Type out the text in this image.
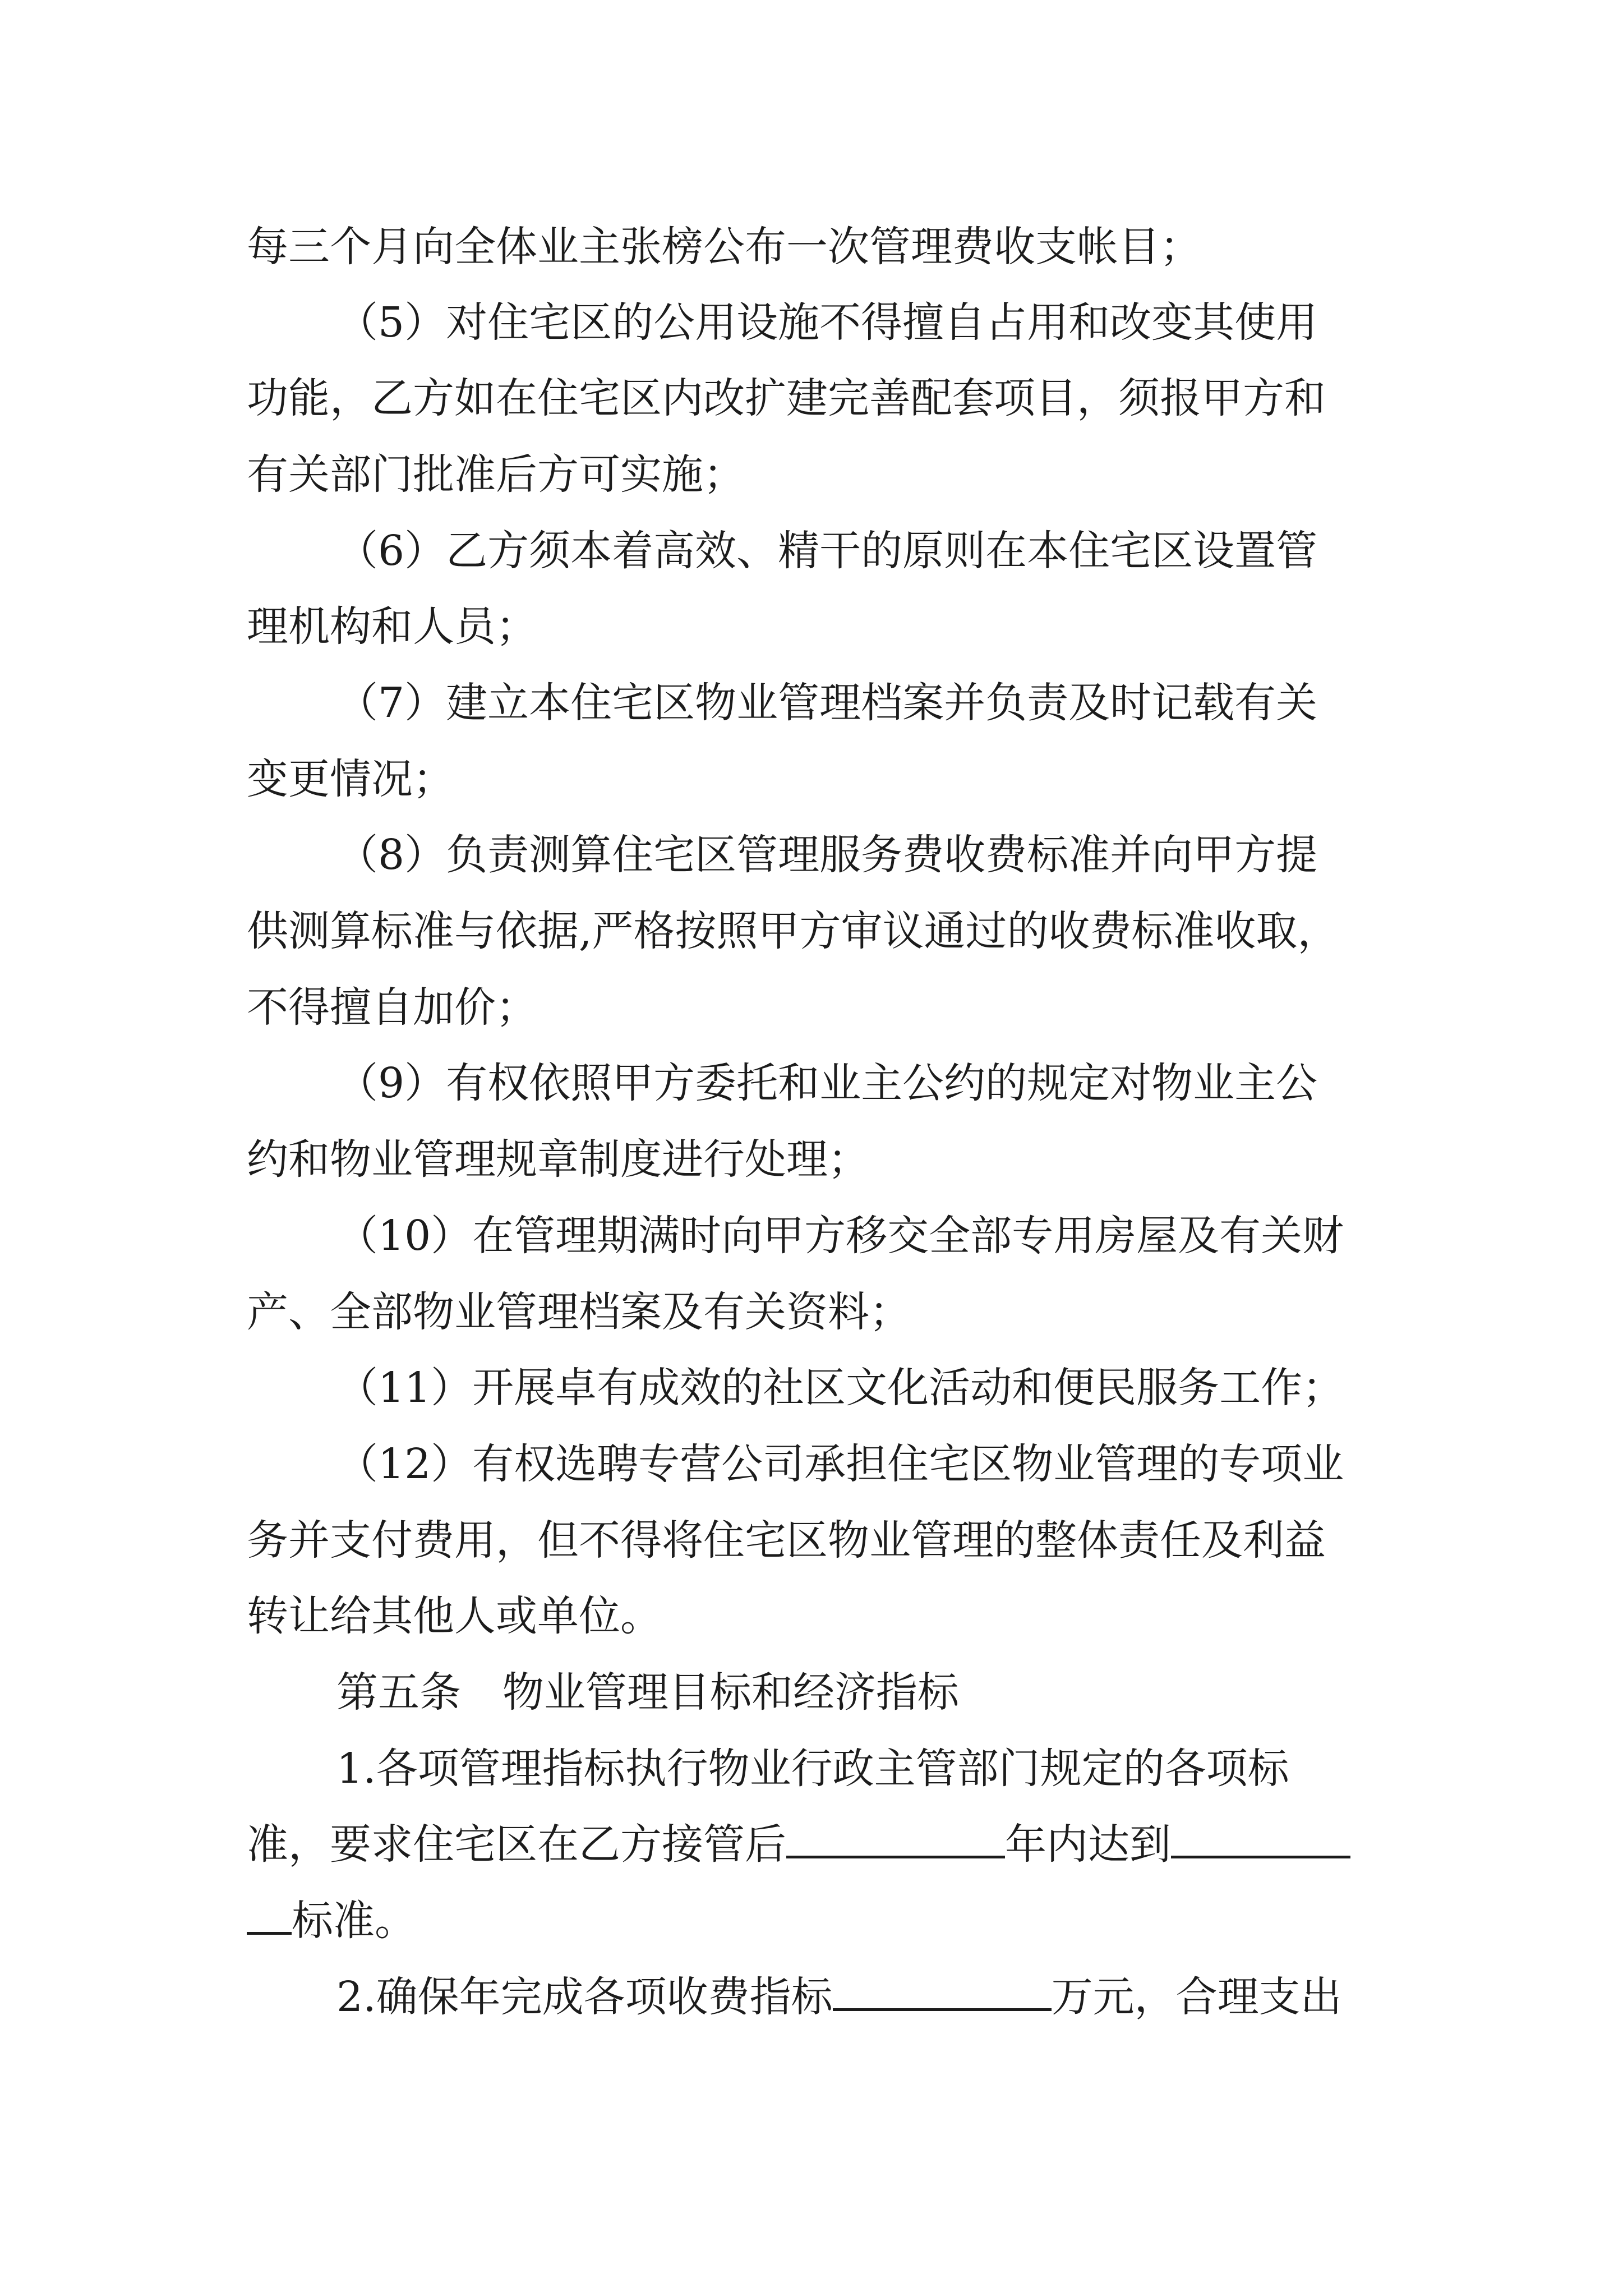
每三个月向全体业主张榜公布一次管理费收支帐目；
（5）对住宅区的公用设施不得擅自占用和改变其使用
功能，乙方如在住宅区内改扩建完善配套项目，须报甲方和
有关部门批准后方可实施；
（6）乙方须本着高效、精干的原则在本住宅区设置管
理机构和人员；
（7）建立本住宅区物业管理档案并负责及时记载有关
变更情况；
（8）负责测算住宅区管理服务费收费标准并向甲方提
供测算标准与依据,严格按照甲方审议通过的收费标准收取，
不得擅自加价；
（9）有权依照甲方委托和业主公约的规定对物业主公
约和物业管理规章制度进行处理；
（10）在管理期满时向甲方移交全部专用房屋及有关财
产、全部物业管理档案及有关资料；
（11）开展卓有成效的社区文化活动和便民服务工作；
（12）有权选聘专营公司承担住宅区物业管理的专项业
务并支付费用，但不得将住宅区物业管理的整体责任及利益
转让给其他人或单位。
第五条　物业管理目标和经济指标
1.各项管理指标执行物业行政主管部门规定的各项标
准，要求住宅区在乙方接管后	年内达到
标准。
2.确保年完成各项收费指标	万元，合理支出
